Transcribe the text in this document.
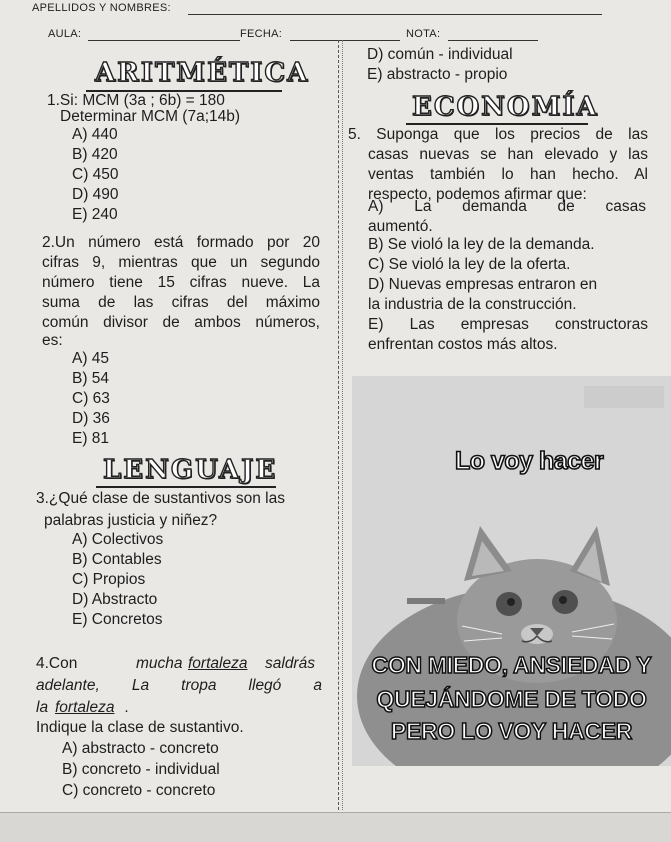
APELLIDOS Y NOMBRES:
AULA:	FECHA:	NOTA:
ARITMÉTICA
1.Si: MCM (3a ; 6b) = 180
Determinar MCM (7a;14b)
A) 440
B) 420
C) 450
D) 490
E) 240
2.Un número está formado por 20
cifras 9, mientras que un segundo
número tiene 15 cifras nueve. La
suma de las cifras del máximo
común divisor de ambos números,
es:
A) 45
B) 54
C) 63
D) 36
E) 81
LENGUAJE
3.¿Qué clase de sustantivos son las
palabras justicia y niñez?
A) Colectivos
B) Contables
C) Propios
D) Abstracto
E) Concretos
4.Con	mucha fortaleza saldrás
adelante, La tropa llegó a
la fortaleza .
Indique la clase de sustantivo.
A) abstracto - concreto
B) concreto - individual
C) concreto - concreto
D) común - individual
E) abstracto - propio
ECONOMÍA
5. Suponga que los precios de las
casas nuevas se han elevado y las
ventas también lo han hecho. Al
respecto, podemos afirmar que:
A) La demanda de casas
aumentó.
B) Se violó la ley de la demanda.
C) Se violó la ley de la oferta.
D) Nuevas empresas entraron en
la industria de la construcción.
E) Las empresas constructoras
enfrentan costos más altos.
Lo voy hacer
CON MIEDO, ANSIEDAD Y
QUEJÁNDOME DE TODO
PERO LO VOY HACER
